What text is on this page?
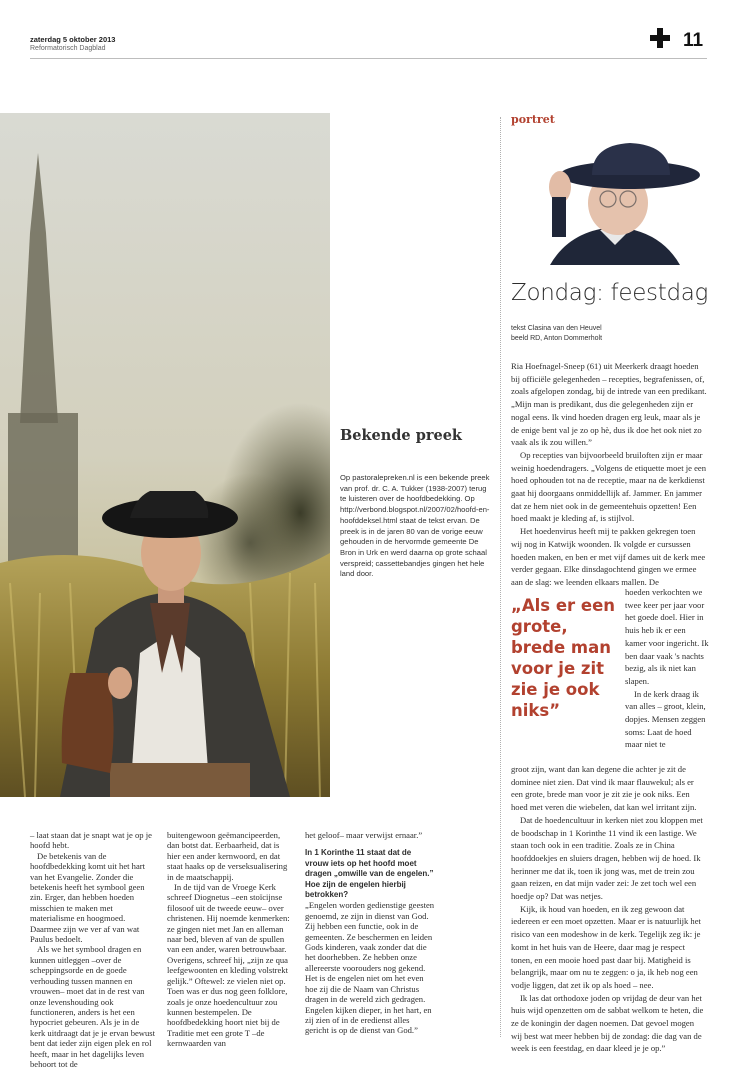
zaterdag 5 oktober 2013
Reformatorisch Dagblad	11
Bekende preek
Op pastoralepreken.nl is een bekende preek van prof. dr. C. A. Tukker (1938-2007) terug te luisteren over de hoofdbedekking. Op http://verbond.blogspot.nl/2007/02/hoofd-en-hoofddeksel.html staat de tekst ervan. De preek is in de jaren 80 van de vorige eeuw gehouden in de hervormde gemeente De Bron in Urk en werd daarna op grote schaal verspreid; cassettebandjes gingen het hele land door.
portret
Zondag: feestdag
tekst Clasina van den Heuvel
beeld RD, Anton Dommerholt

Ria Hoefnagel-Sneep (61) uit Meerkerk draagt hoeden bij officiële gelegenheden – recepties, begrafenissen, of, zoals afgelopen zondag, bij de intrede van een predikant. „Mijn man is predikant, dus die gelegenheden zijn er nogal eens. Ik vind hoeden dragen erg leuk, maar als je de enige bent val je zo op hè, dus ik doe het ook niet zo vaak als ik zou willen.”

Op recepties van bijvoorbeeld bruiloften zijn er maar weinig hoedendragers. „Volgens de etiquette moet je een hoed ophouden tot na de receptie, maar na de kerkdienst gaat hij doorgaans onmiddellijk af. Jammer. En jammer dat ze hem niet ook in de gemeentehuis opzetten! Een hoed maakt je kleding af, is stijlvol.

Het hoedenvirus heeft mij te pakken gekregen toen wij nog in Katwijk woonden. Ik volgde er cursussen hoeden maken, en ben er met vijf dames uit de kerk mee verder gegaan. Elke dinsdagochtend gingen we ermee aan de slag: we leenden elkaars mallen. De

„Als er een grote, brede man voor je zit zie je ook niks”

hoeden verkochten we twee keer per jaar voor het goede doel. Hier in huis heb ik er een kamer voor ingericht. Ik ben daar vaak 's nachts bezig, als ik niet kan slapen.

In de kerk draag ik van alles – groot, klein, dopjes. Mensen zeggen soms: Laat de hoed maar niet te

groot zijn, want dan kan degene die achter je zit de dominee niet zien. Dat vind ik maar flauwekul; als er een grote, brede man voor je zit zie je ook niks. Een hoed met veren die wiebelen, dat kan wel irritant zijn.

Dat de hoedencultuur in kerken niet zou kloppen met de boodschap in 1 Korinthe 11 vind ik een lastige. We staan toch ook in een traditie. Zoals ze in China hoofddoekjes en sluiers dragen, hebben wij de hoed. Ik herinner me dat ik, toen ik jong was, met de trein zou gaan reizen, en dat mijn vader zei: Je zet toch wel een hoedje op? Dat was netjes.

Kijk, ik houd van hoeden, en ik zeg gewoon dat iedereen er een moet opzetten. Maar er is natuurlijk het risico van een modeshow in de kerk. Tegelijk zeg ik: je komt in het huis van de Heere, daar mag je respect tonen, en een mooie hoed past daar bij. Matigheid is belangrijk, maar om nu te zeggen: o ja, ik heb nog een vodje liggen, dat zet ik op als hoed – nee.

Ik las dat orthodoxe joden op vrijdag de deur van het huis wijd openzetten om de sabbat welkom te heten, die ze de koningin der dagen noemen. Dat gevoel mogen wij best wat meer hebben bij de zondag: die dag van de week is een feestdag, en daar kleed je je op.”

– laat staan dat je snapt wat je op je hoofd hebt.

De betekenis van de hoofdbedekking komt uit het hart van het Evangelie. Zonder die betekenis heeft het symbool geen zin. Erger, dan hebben hoeden misschien te maken met materialisme en hoogmoed. Daarmee zijn we ver af van wat Paulus bedoelt.

Als we het symbool dragen en kunnen uitleggen –over de scheppingsorde en de goede verhouding tussen mannen en vrouwen– moet dat in de rest van onze levenshouding ook functioneren, anders is het een hypocriet gebeuren. Als je in de kerk uitdraagt dat je je ervan bewust bent dat ieder zijn eigen plek en rol heeft, maar in het dagelijks leven behoort tot de

buitengewoon geëmancipeerden, dan botst dat. Eerbaarheid, dat is hier een ander kernwoord, en dat staat haaks op de verseksualisering in de maatschappij.

In de tijd van de Vroege Kerk schreef Diognetus –een stoïcijnse filosoof uit de tweede eeuw– over christenen. Hij noemde kenmerken: ze gingen niet met Jan en alleman naar bed, bleven af van de spullen van een ander, waren betrouwbaar. Overigens, schreef hij, „zijn ze qua leefgewoonten en kleding volstrekt gelijk.” Oftewel: ze vielen niet op. Toen was er dus nog geen folklore, zoals je onze hoedencultuur zou kunnen bestempelen. De hoofdbedekking hoort niet bij de Traditie met een grote T –de kernwaarden van

het geloof– maar verwijst ernaar.”

In 1 Korinthe 11 staat dat de vrouw iets op het hoofd moet dragen „omwille van de engelen.” Hoe zijn de engelen hierbij betrokken?

„Engelen worden gedienstige geesten genoemd, ze zijn in dienst van God. Zij hebben een functie, ook in de gemeenten. Ze beschermen en leiden Gods kinderen, vaak zonder dat die het doorhebben. Ze hebben onze allereerste voorouders nog gekend. Het is de engelen niet om het even hoe zij die de Naam van Christus dragen in de wereld zich gedragen. Engelen kijken dieper, in het hart, en zij zien of in de eredienst alles gericht is op de dienst van God.”
